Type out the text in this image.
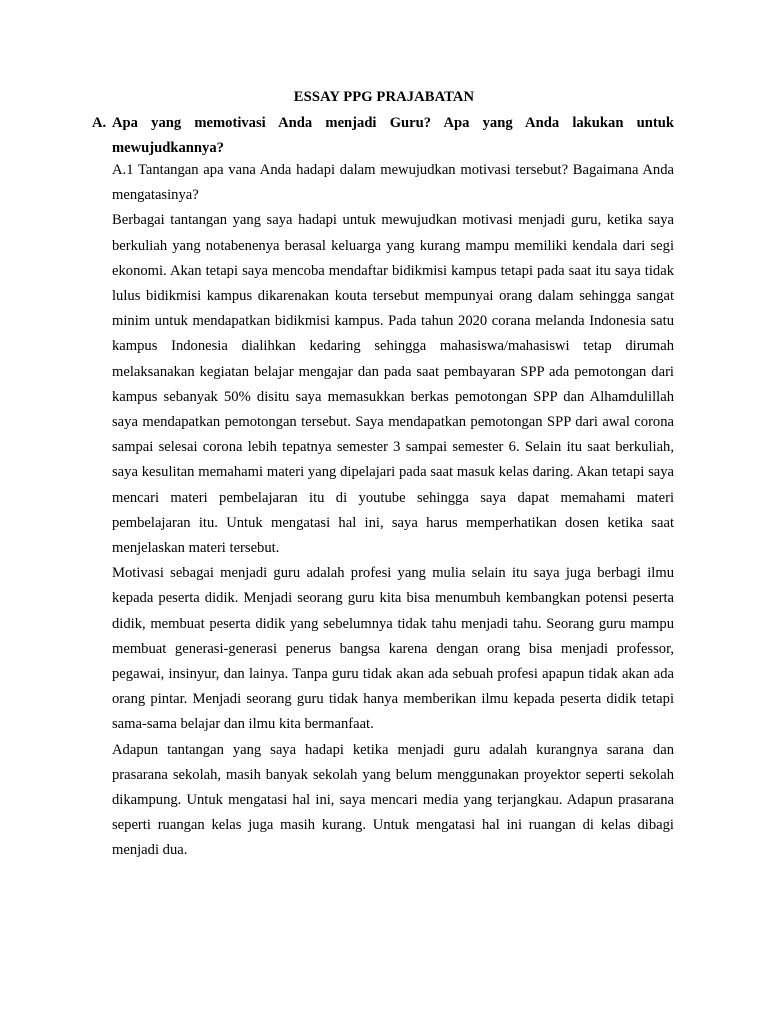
ESSAY PPG PRAJABATAN
A. Apa yang memotivasi Anda menjadi Guru? Apa yang Anda lakukan untuk mewujudkannya?

A.1 Tantangan apa vana Anda hadapi dalam mewujudkan motivasi tersebut? Bagaimana Anda mengatasinya?

Berbagai tantangan yang saya hadapi untuk mewujudkan motivasi menjadi guru, ketika saya berkuliah yang notabenenya berasal keluarga yang kurang mampu memiliki kendala dari segi ekonomi. Akan tetapi saya mencoba mendaftar bidikmisi kampus tetapi pada saat itu saya tidak lulus bidikmisi kampus dikarenakan kouta tersebut mempunyai orang dalam sehingga sangat minim untuk mendapatkan bidikmisi kampus. Pada tahun 2020 corana melanda Indonesia satu kampus Indonesia dialihkan kedaring sehingga mahasiswa/mahasiswi tetap dirumah melaksanakan kegiatan belajar mengajar dan pada saat pembayaran SPP ada pemotongan dari kampus sebanyak 50% disitu saya memasukkan berkas pemotongan SPP dan Alhamdulillah saya mendapatkan pemotongan tersebut. Saya mendapatkan pemotongan SPP dari awal corona sampai selesai corona lebih tepatnya semester 3 sampai semester 6. Selain itu saat berkuliah, saya kesulitan memahami materi yang dipelajari pada saat masuk kelas daring. Akan tetapi saya mencari materi pembelajaran itu di youtube sehingga saya dapat memahami materi pembelajaran itu. Untuk mengatasi hal ini, saya harus memperhatikan dosen ketika saat menjelaskan materi tersebut.

Motivasi sebagai menjadi guru adalah profesi yang mulia selain itu saya juga berbagi ilmu kepada peserta didik. Menjadi seorang guru kita bisa menumbuh kembangkan potensi peserta didik, membuat peserta didik yang sebelumnya tidak tahu menjadi tahu. Seorang guru mampu membuat generasi-generasi penerus bangsa karena dengan orang bisa menjadi professor, pegawai, insinyur, dan lainya. Tanpa guru tidak akan ada sebuah profesi apapun tidak akan ada orang pintar. Menjadi seorang guru tidak hanya memberikan ilmu kepada peserta didik tetapi sama-sama belajar dan ilmu kita bermanfaat.

Adapun tantangan yang saya hadapi ketika menjadi guru adalah kurangnya sarana dan prasarana sekolah, masih banyak sekolah yang belum menggunakan proyektor seperti sekolah dikampung. Untuk mengatasi hal ini, saya mencari media yang terjangkau. Adapun prasarana seperti ruangan kelas juga masih kurang. Untuk mengatasi hal ini ruangan di kelas dibagi menjadi dua.
